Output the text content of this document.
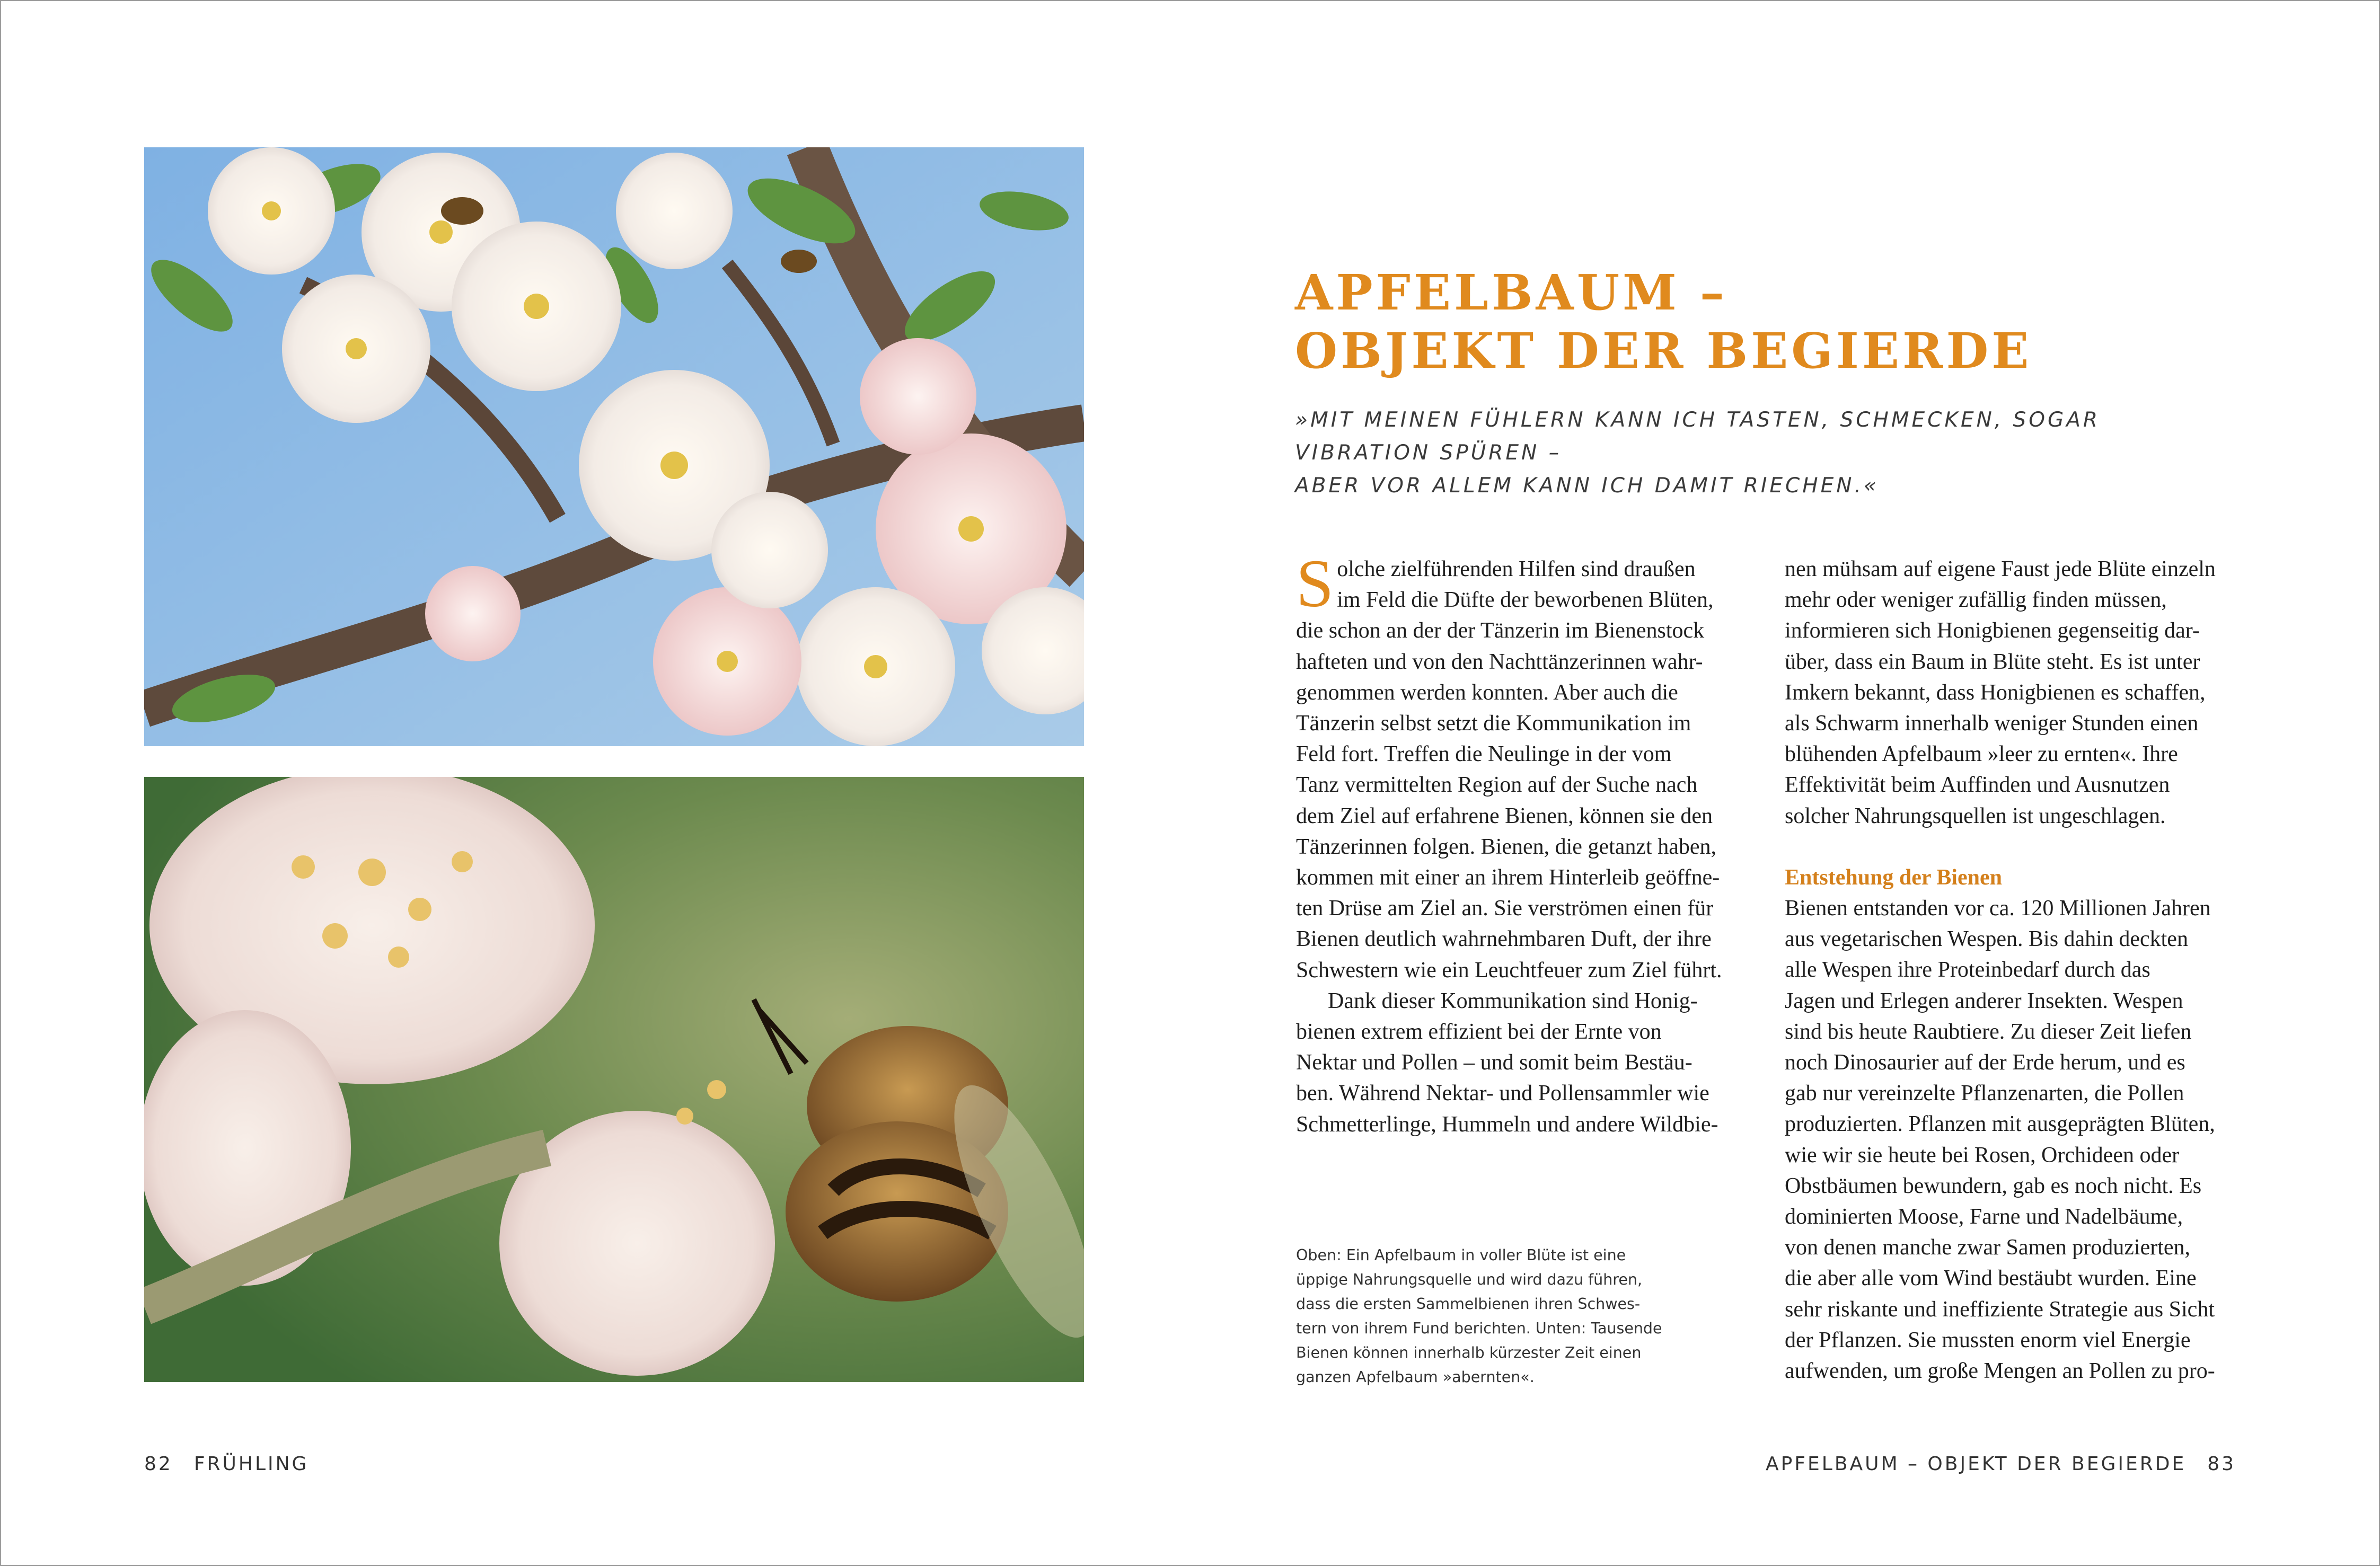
APFELBAUM –
OBJEKT DER BEGIERDE

»MIT MEINEN FÜHLERN KANN ICH TASTEN, SCHMECKEN, SOGAR VIBRATION SPÜREN –
ABER VOR ALLEM KANN ICH DAMIT RIECHEN.«

S olche zielführenden Hilfen sind draußen
im Feld die Düfte der beworbenen Blüten,
die schon an der der Tänzerin im Bienenstock
hafteten und von den Nachttänzerinnen wahr-
genommen werden konnten. Aber auch die
Tänzerin selbst setzt die Kommunikation im
Feld fort. Treffen die Neulinge in der vom
Tanz vermittelten Region auf der Suche nach
dem Ziel auf erfahrene Bienen, können sie den
Tänzerinnen folgen. Bienen, die getanzt haben,
kommen mit einer an ihrem Hinterleib geöffne-
ten Drüse am Ziel an. Sie verströmen einen für
Bienen deutlich wahrnehmbaren Duft, der ihre
Schwestern wie ein Leuchtfeuer zum Ziel führt.
Dank dieser Kommunikation sind Honig-
bienen extrem effizient bei der Ernte von
Nektar und Pollen – und somit beim Bestäu-
ben. Während Nektar- und Pollensammler wie
Schmetterlinge, Hummeln und andere Wildbie-
nen mühsam auf eigene Faust jede Blüte einzeln
mehr oder weniger zufällig finden müssen,
informieren sich Honigbienen gegenseitig dar-
über, dass ein Baum in Blüte steht. Es ist unter
Imkern bekannt, dass Honigbienen es schaffen,
als Schwarm innerhalb weniger Stunden einen
blühenden Apfelbaum »leer zu ernten«. Ihre
Effektivität beim Auffinden und Ausnutzen
solcher Nahrungsquellen ist ungeschlagen.
Entstehung der Bienen
Bienen entstanden vor ca. 120 Millionen Jahren
aus vegetarischen Wespen. Bis dahin deckten
alle Wespen ihre Proteinbedarf durch das
Jagen und Erlegen anderer Insekten. Wespen
sind bis heute Raubtiere. Zu dieser Zeit liefen
noch Dinosaurier auf der Erde herum, und es
gab nur vereinzelte Pflanzenarten, die Pollen
produzierten. Pflanzen mit ausgeprägten Blüten,
wie wir sie heute bei Rosen, Orchideen oder
Obstbäumen bewundern, gab es noch nicht. Es
dominierten Moose, Farne und Nadelbäume,
von denen manche zwar Samen produzierten,
die aber alle vom Wind bestäubt wurden. Eine
sehr riskante und ineffiziente Strategie aus Sicht
der Pflanzen. Sie mussten enorm viel Energie
aufwenden, um große Mengen an Pollen zu pro-
Oben: Ein Apfelbaum in voller Blüte ist eine
üppige Nahrungsquelle und wird dazu führen,
dass die ersten Sammelbienen ihren Schwes-
tern von ihrem Fund berichten. Unten: Tausende
Bienen können innerhalb kürzester Zeit einen
ganzen Apfelbaum »abernten«.
82 FRÜHLING	APFELBAUM – OBJEKT DER BEGIERDE 83
